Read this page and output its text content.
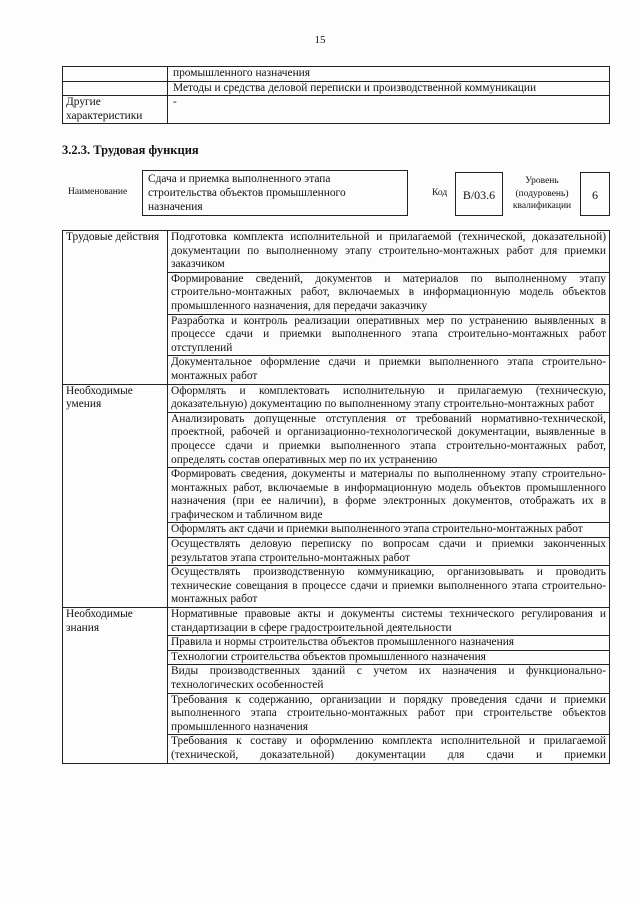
15
	промышленного назначения
	Методы и средства деловой переписки и производственной коммуникации
Другие характеристики	-
3.2.3. Трудовая функция
Наименование
Сдача и приемка выполненного этапа строительства объектов промышленного назначения
Код	В/03.6
Уровень (подуровень) квалификации
6
Трудовые действия	Подготовка комплекта исполнительной и прилагаемой (технической, доказательной) документации по выполненному этапу строительно-монтажных работ для приемки заказчиком
	Формирование сведений, документов и материалов по выполненному этапу строительно-монтажных работ, включаемых в информационную модель объектов промышленного назначения, для передачи заказчику
	Разработка и контроль реализации оперативных мер по устранению выявленных в процессе сдачи и приемки выполненного этапа строительно-монтажных работ отступлений
	Документальное оформление сдачи и приемки выполненного этапа строительно-монтажных работ
Необходимые умения	Оформлять и комплектовать исполнительную и прилагаемую (техническую, доказательную) документацию по выполненному этапу строительно-монтажных работ
	Анализировать допущенные отступления от требований нормативно-технической, проектной, рабочей и организационно-технологической документации, выявленные в процессе сдачи и приемки выполненного этапа строительно-монтажных работ, определять состав оперативных мер по их устранению
	Формировать сведения, документы и материалы по выполненному этапу строительно-монтажных работ, включаемые в информационную модель объектов промышленного назначения (при ее наличии), в форме электронных документов, отображать их в графическом и табличном виде
	Оформлять акт сдачи и приемки выполненного этапа строительно-монтажных работ
	Осуществлять деловую переписку по вопросам сдачи и приемки законченных результатов этапа строительно-монтажных работ
	Осуществлять производственную коммуникацию, организовывать и проводить технические совещания в процессе сдачи и приемки выполненного этапа строительно-монтажных работ
Необходимые знания	Нормативные правовые акты и документы системы технического регулирования и стандартизации в сфере градостроительной деятельности
	Правила и нормы строительства объектов промышленного назначения
	Технологии строительства объектов промышленного назначения
	Виды производственных зданий с учетом их назначения и функционально-технологических особенностей
	Требования к содержанию, организации и порядку проведения сдачи и приемки выполненного этапа строительно-монтажных работ при строительстве объектов промышленного назначения
	Требования к составу и оформлению комплекта исполнительной и прилагаемой (технической, доказательной) документации для сдачи и приемки
